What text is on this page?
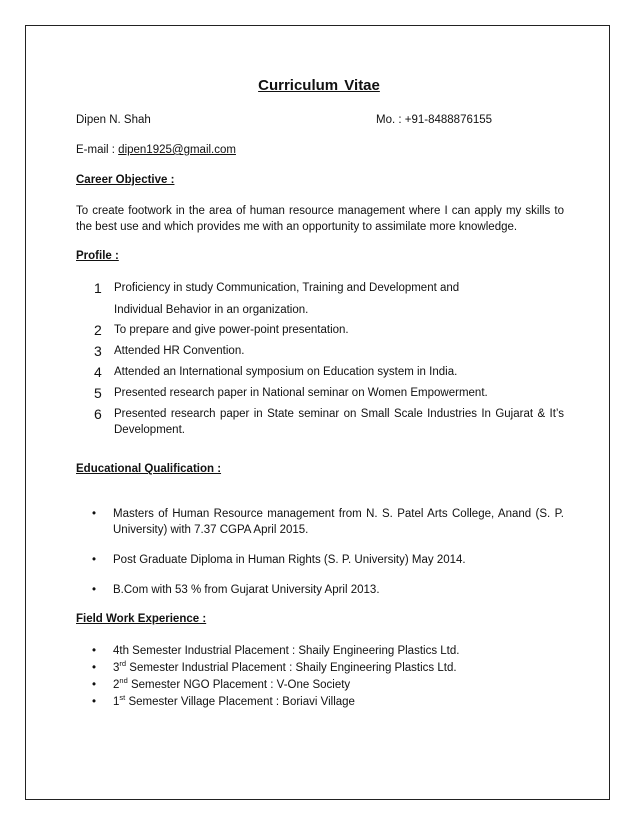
Curriculum Vitae
Dipen N. Shah	Mo. : +91-8488876155
E-mail : dipen1925@gmail.com
Career Objective :
To create footwork in the area of human resource management where I can apply my skills to the best use and which provides me with an opportunity to assimilate more knowledge.
Profile :
1	Proficiency in study Communication, Training and Development and
Individual Behavior in an organization.
2	To prepare and give power-point presentation.
3	Attended HR Convention.
4	Attended an International symposium on Education system in India.
5	Presented research paper in National seminar on Women Empowerment.
6	Presented research paper in State seminar on Small Scale Industries In Gujarat & It’s Development.
Educational Qualification :
•	Masters of Human Resource management from N. S. Patel Arts College, Anand (S. P. University) with 7.37 CGPA April 2015.
•	Post Graduate Diploma in Human Rights (S. P. University) May 2014.
•	B.Com with 53 % from Gujarat University April 2013.
Field Work Experience :
•	4th Semester Industrial Placement : Shaily Engineering Plastics Ltd.
•	3rd Semester Industrial Placement : Shaily Engineering Plastics Ltd.
•	2nd Semester NGO Placement : V-One Society
•	1st Semester Village Placement : Boriavi Village
